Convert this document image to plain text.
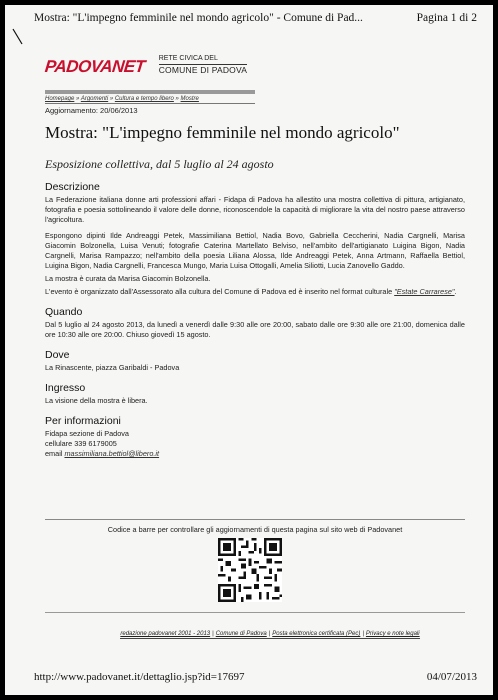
Mostra: "L'impegno femminile nel mondo agricolo" - Comune di Pad...	Pagina 1 di 2
PADOVANET RETE CIVICA DEL
COMUNE DI PADOVA
Homepage » Argomenti » Cultura e tempo libero » Mostre
Aggiornamento: 20/06/2013
Mostra: "L'impegno femminile nel mondo agricolo"
Esposizione collettiva, dal 5 luglio al 24 agosto
Descrizione

La Federazione italiana donne arti professioni affari - Fidapa di Padova ha allestito una mostra collettiva di pittura, artigianato, fotografia e poesia sottolineando il valore delle donne, riconoscendole la capacità di migliorare la vita del nostro paese attraverso l'agricoltura.

Espongono dipinti Ilde Andreaggi Petek, Massimiliana Bettiol, Nadia Bovo, Gabriella Ceccherini, Nadia Cargnelli, Marisa Giacomin Bolzonella, Luisa Venuti; fotografie Caterina Martellato Belviso, nell'ambito dell'artigianato Luigina Bigon, Nadia Cargnelli, Marisa Rampazzo; nell'ambito della poesia Liliana Alossa, Ilde Andreaggi Petek, Anna Artmann, Raffaella Bettiol, Luigina Bigon, Nadia Cargnelli, Francesca Mungo, Maria Luisa Ottogalli, Amelia Siliotti, Lucia Zanovello Gaddo.

La mostra è curata da Marisa Giacomin Bolzonella.

L'evento è organizzato dall'Assessorato alla cultura del Comune di Padova ed è inserito nel format culturale "Estate Carrarese".

Quando

Dal 5 luglio al 24 agosto 2013, da lunedì a venerdì dalle 9:30 alle ore 20:00, sabato dalle ore 9:30 alle ore 21:00, domenica dalle ore 10:30 alle ore 20:00. Chiuso giovedì 15 agosto.

Dove

La Rinascente, piazza Garibaldi - Padova

Ingresso

La visione della mostra è libera.

Per informazioni
Fidapa sezione di Padova
cellulare 339 6179005
email massimiliana.bettiol@libero.it
Codice a barre per controllare gli aggiornamenti di questa pagina sul sito web di Padovanet
redazione padovanet 2001 - 2013 | Comune di Padova | Posta elettronica certificata (Pec) | Privacy e note legali
http://www.padovanet.it/dettaglio.jsp?id=17697	04/07/2013
